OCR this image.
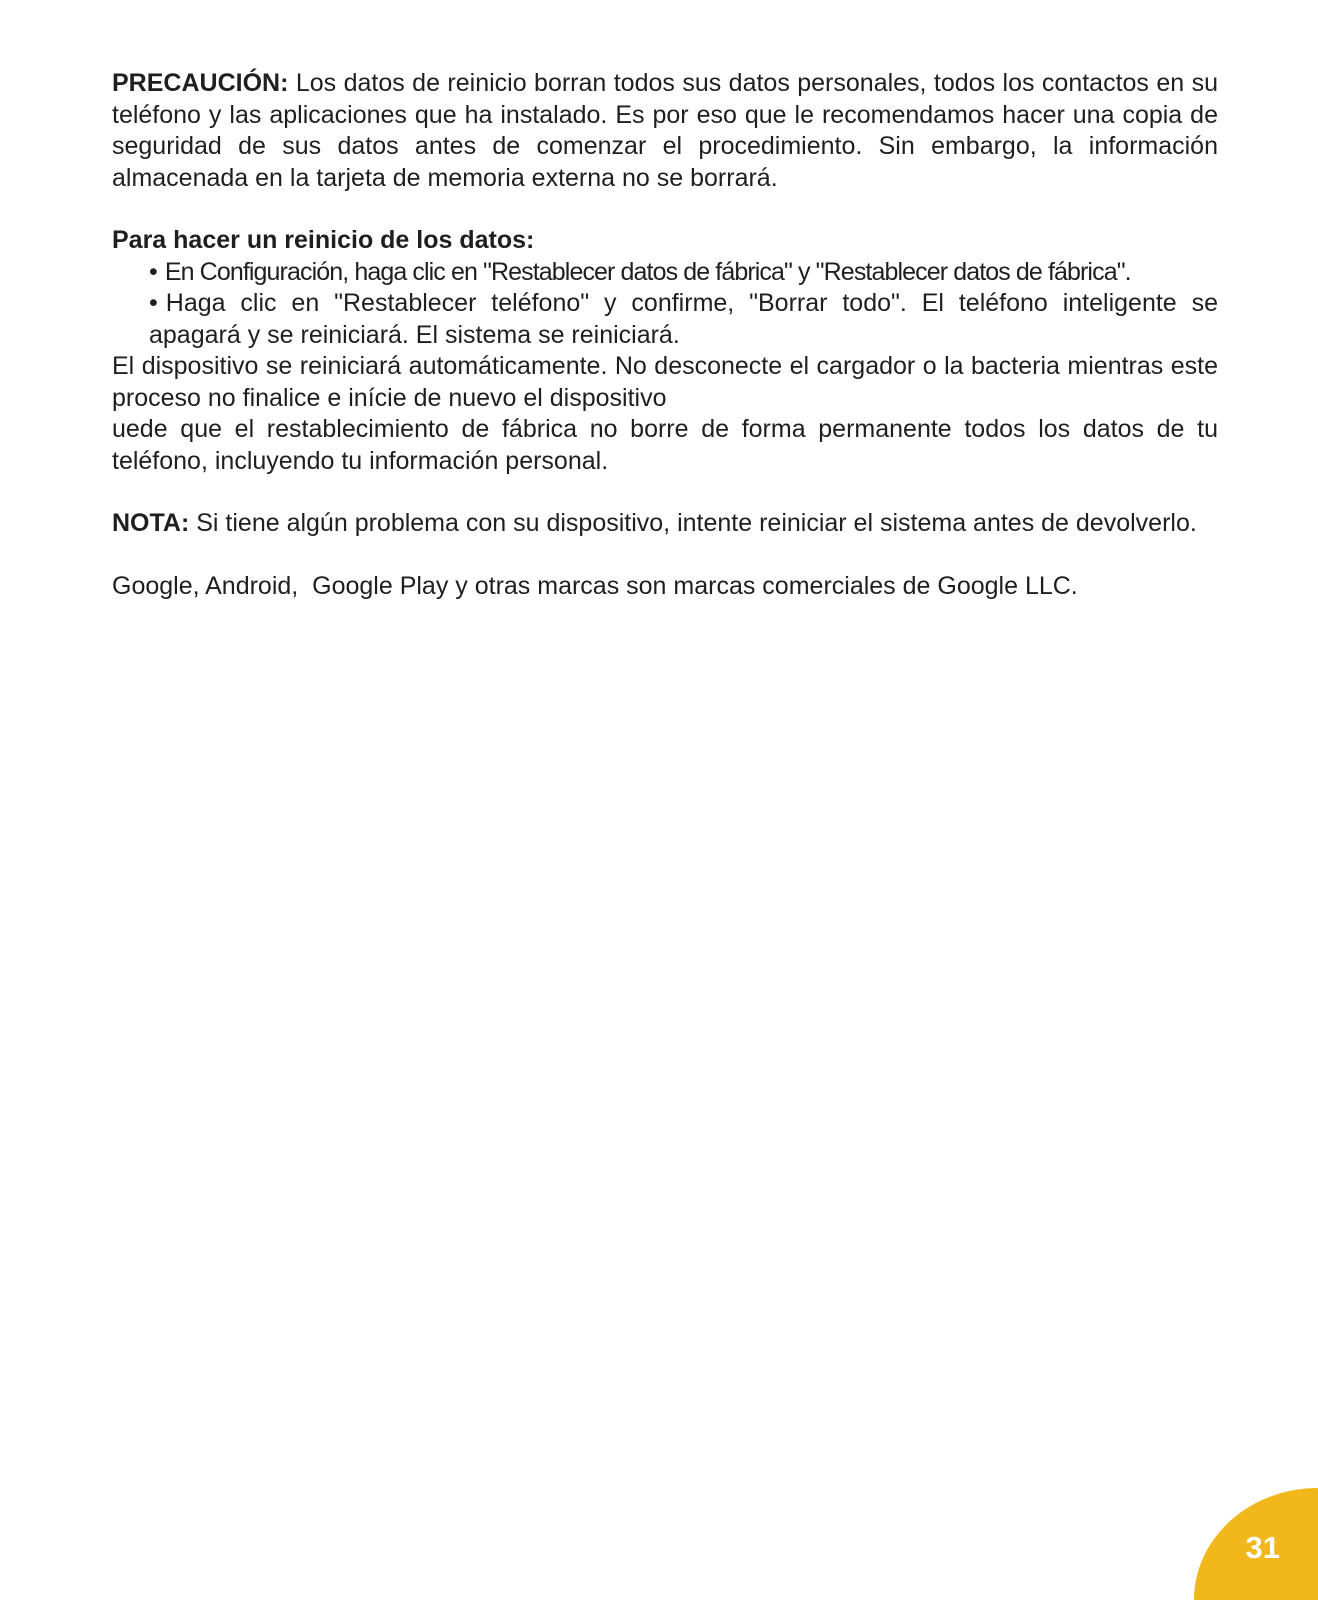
PRECAUCIÓN: Los datos de reinicio borran todos sus datos personales, todos los contactos en su teléfono y las aplicaciones que ha instalado. Es por eso que le recomendamos hacer una copia de seguridad de sus datos antes de comenzar el procedimiento. Sin embargo, la información almacenada en la tarjeta de memoria externa no se borrará.

Para hacer un reinicio de los datos:

• En Configuración, haga clic en "Restablecer datos de fábrica" y "Restablecer datos de fábrica".
• Haga clic en "Restablecer teléfono" y confirme, "Borrar todo". El teléfono inteligente se apagará y se reiniciará. El sistema se reiniciará.

El dispositivo se reiniciará automáticamente. No desconecte el cargador o la bacteria mientras este proceso no finalice e inície de nuevo el dispositivo

uede que el restablecimiento de fábrica no borre de forma permanente todos los datos de tu teléfono, incluyendo tu información personal.

NOTA: Si tiene algún problema con su dispositivo, intente reiniciar el sistema antes de devolverlo.

Google, Android,  Google Play y otras marcas son marcas comerciales de Google LLC.

31
